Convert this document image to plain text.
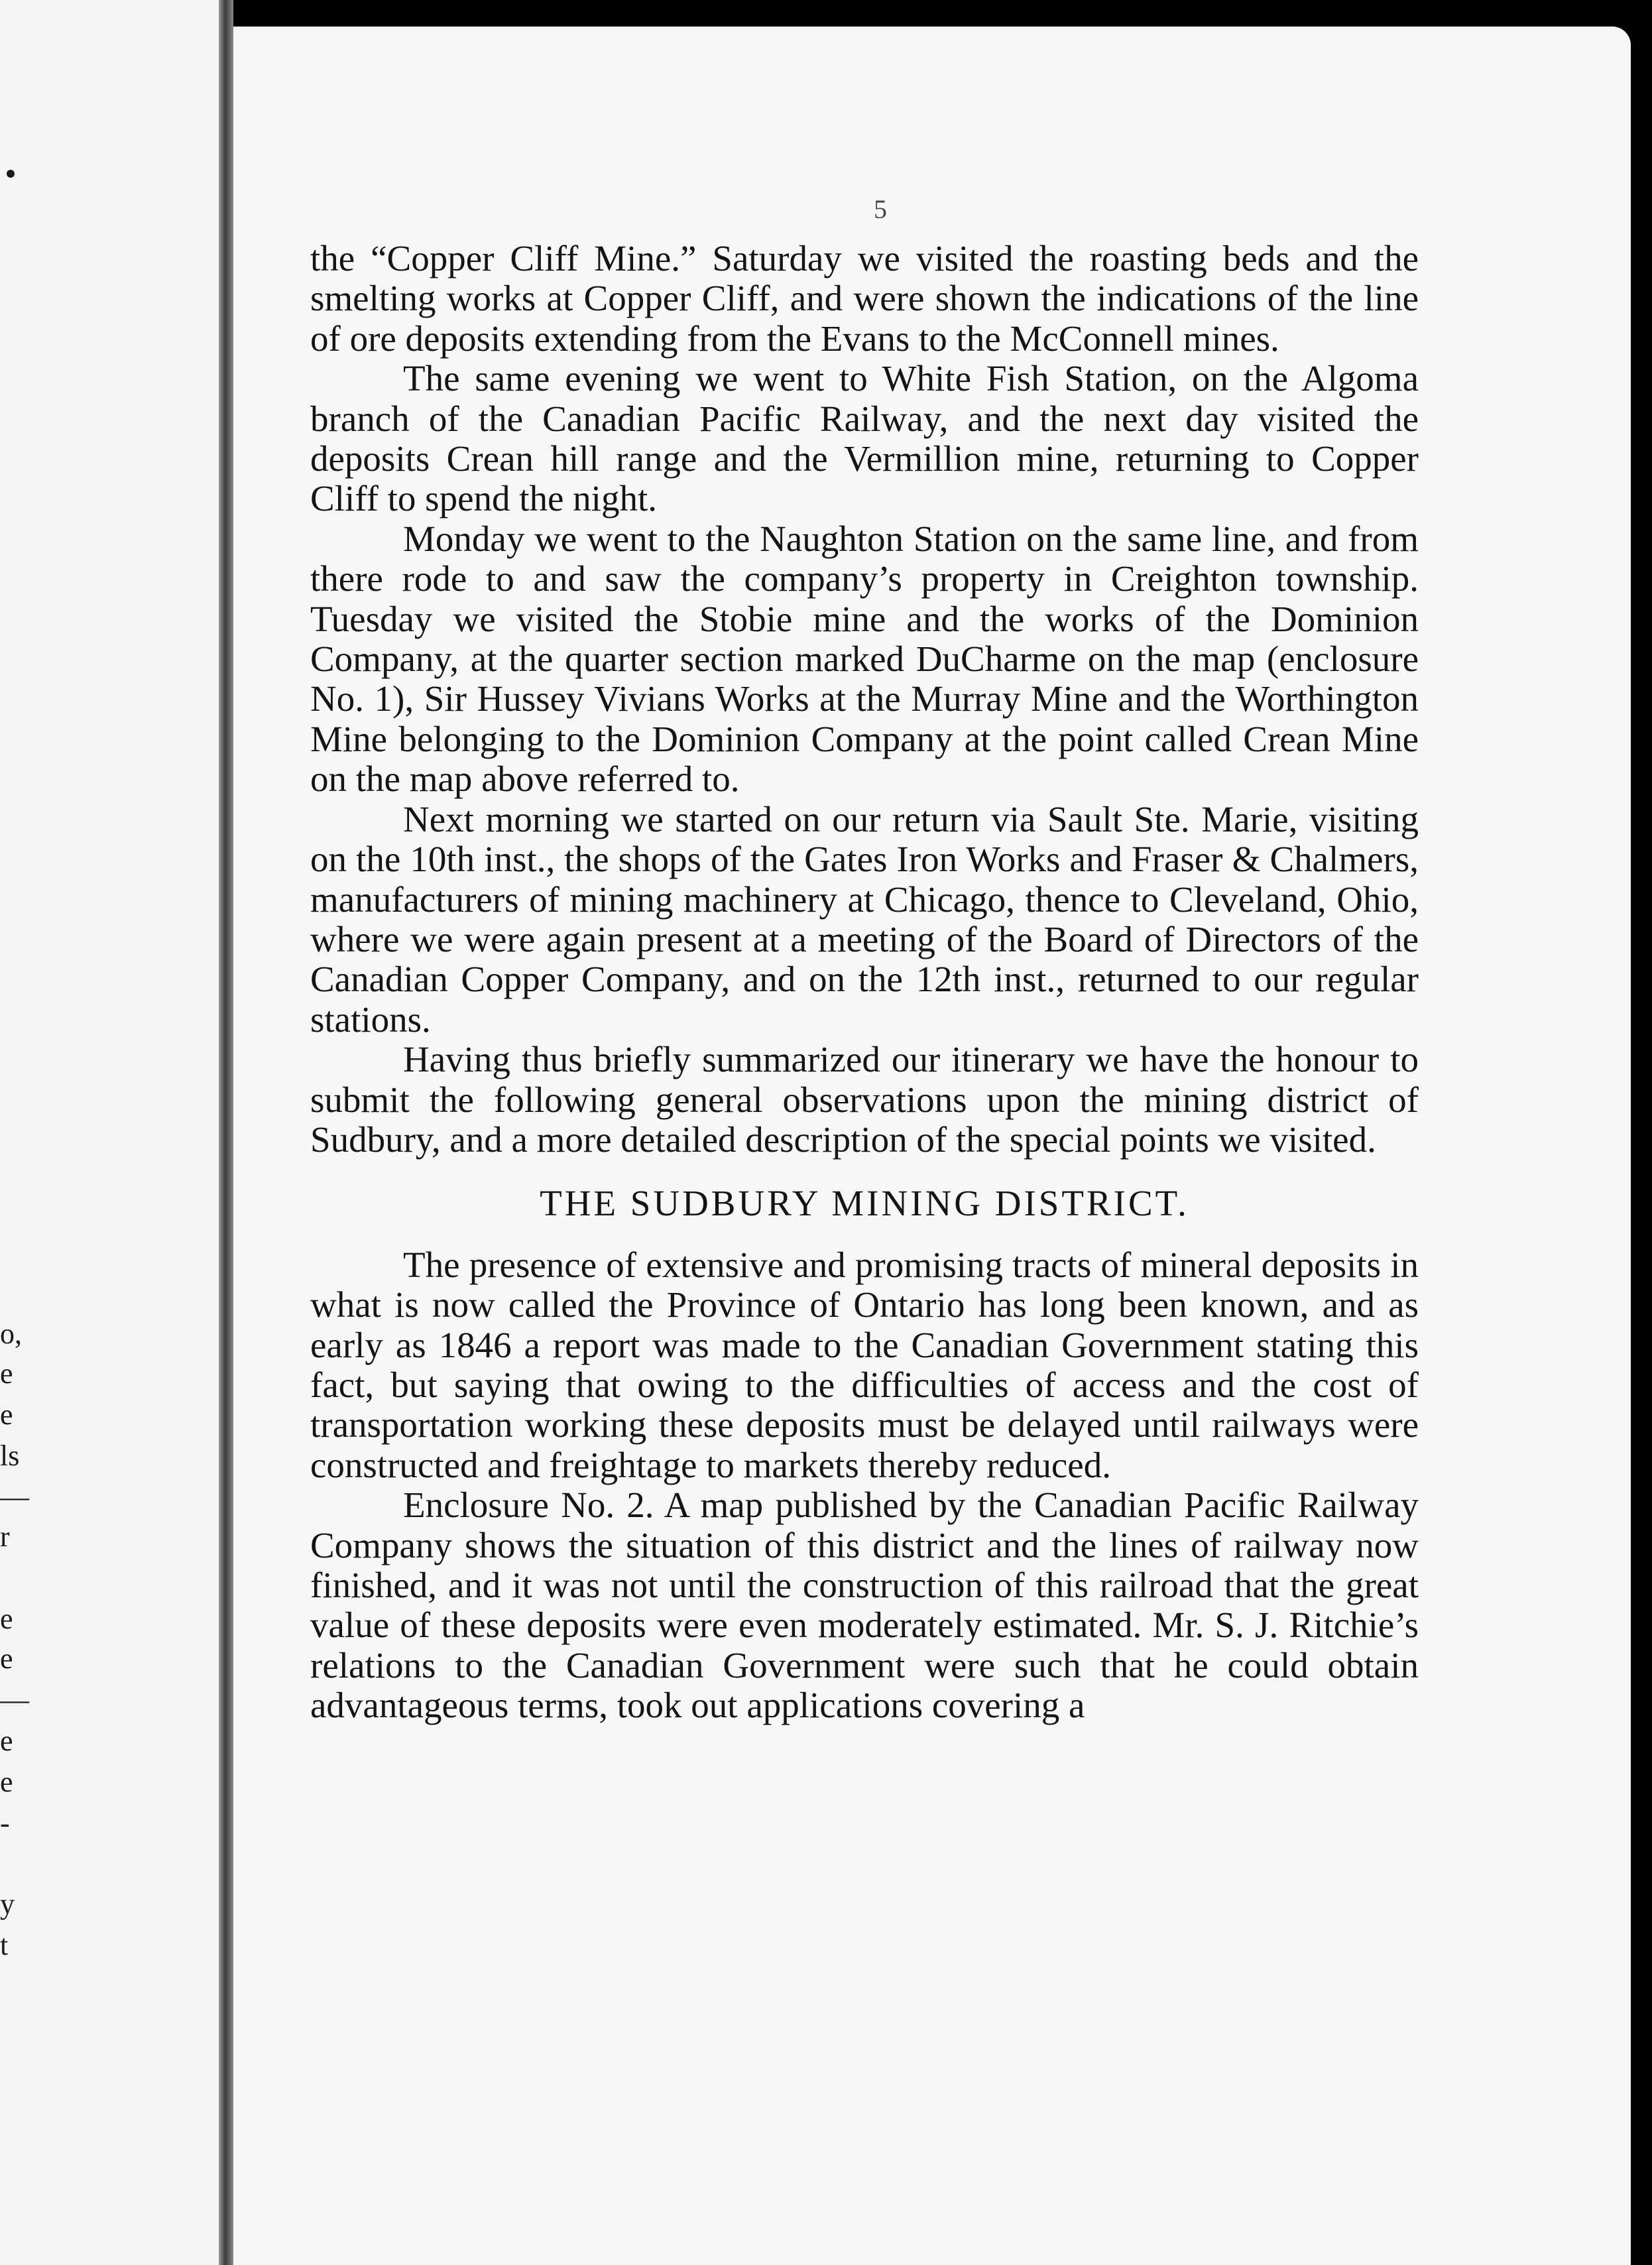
o,
e
e
ls
—
r
e
e
—
e
e
-
y
t
5

the “Copper Cliff Mine.” Saturday we visited the roasting beds and the smelting works at Copper Cliff, and were shown the indications of the line of ore deposits extending from the Evans to the McConnell mines.

The same evening we went to White Fish Station, on the Algoma branch of the Canadian Pacific Railway, and the next day visited the deposits Crean hill range and the Vermillion mine, returning to Copper Cliff to spend the night.

Monday we went to the Naughton Station on the same line, and from there rode to and saw the company’s property in Creighton township. Tuesday we visited the Stobie mine and the works of the Dominion Company, at the quarter section marked DuCharme on the map (enclosure No. 1), Sir Hussey Vivians Works at the Murray Mine and the Worthington Mine belonging to the Dominion Company at the point called Crean Mine on the map above referred to.

Next morning we started on our return via Sault Ste. Marie, visiting on the 10th inst., the shops of the Gates Iron Works and Fraser & Chalmers, manufacturers of mining machinery at Chicago, thence to Cleveland, Ohio, where we were again present at a meeting of the Board of Directors of the Canadian Copper Company, and on the 12th inst., returned to our regular stations.

Having thus briefly summarized our itinerary we have the honour to submit the following general observations upon the mining district of Sudbury, and a more detailed description of the special points we visited.

THE SUDBURY MINING DISTRICT.

The presence of extensive and promising tracts of mineral deposits in what is now called the Province of Ontario has long been known, and as early as 1846 a report was made to the Canadian Government stating this fact, but saying that owing to the difficulties of access and the cost of transportation working these deposits must be delayed until railways were constructed and freightage to markets thereby reduced.

Enclosure No. 2. A map published by the Canadian Pacific Railway Company shows the situation of this district and the lines of railway now finished, and it was not until the construction of this railroad that the great value of these deposits were even moderately estimated. Mr. S. J. Ritchie’s relations to the Canadian Government were such that he could obtain advantageous terms, took out applications covering a
